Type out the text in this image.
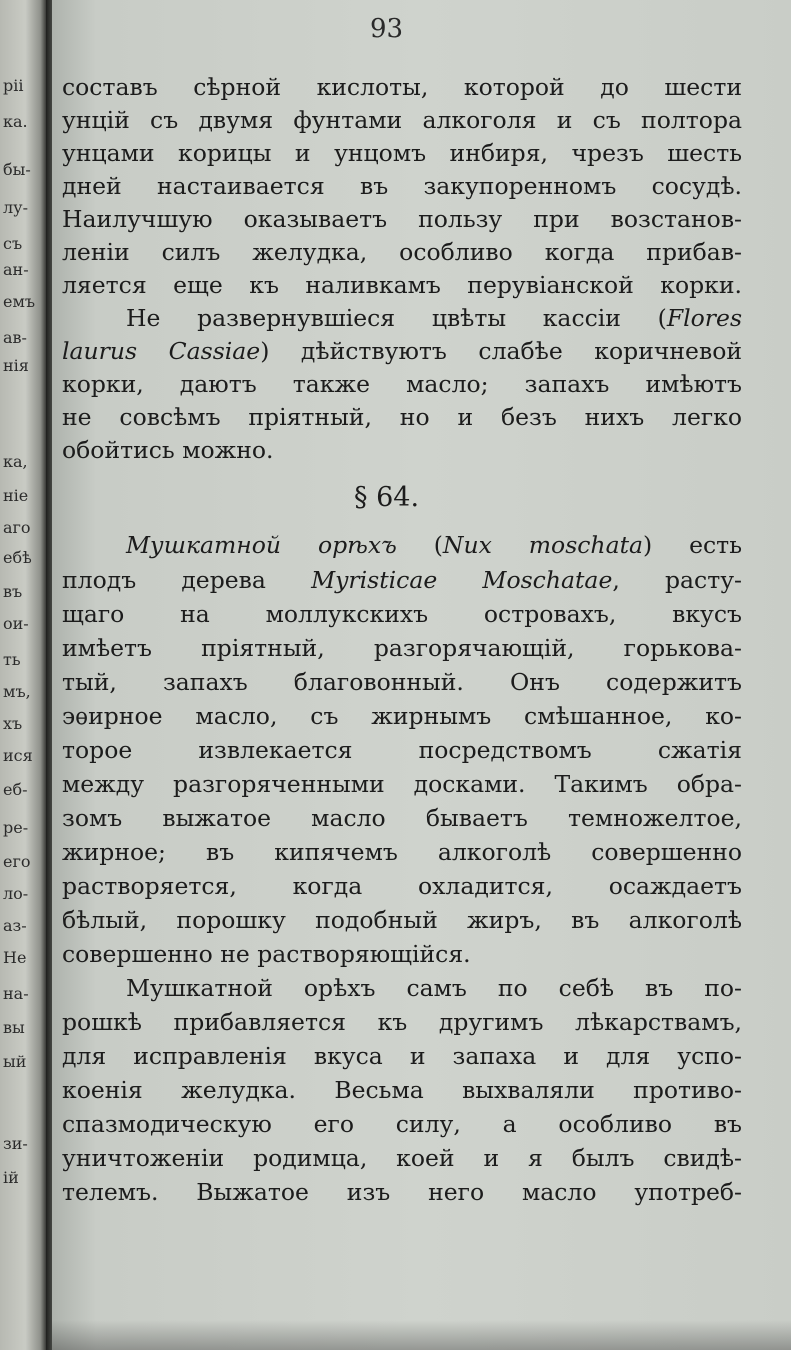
ріі
ка.
бы-
лу-
съ
ан-
емъ
ав-
нія
ка,
ніе
аго
ебѣ
въ
ои-
ть
мъ,
хъ
ися
еб-
ре-
его
ло-
аз-
Не
на-
вы
ый
зи-
ій
93
составъ сѣрной кислоты, которой до шести
унцій съ двумя фунтами алкоголя и съ полтора
унцами корицы и унцомъ инбиря, чрезъ шесть
дней настаивается въ закупоренномъ сосудѣ.
Наилучшую оказываетъ пользу при возстанов-
леніи силъ желудка, особливо когда прибав-
ляется еще къ наливкамъ перувіанской корки.
Не развернувшіеся цвѣты кассіи (Flores
laurus Cassiae) дѣйствуютъ слабѣе коричневой
корки, даютъ также масло; запахъ имѣютъ
не совсѣмъ пріятный, но и безъ нихъ легко
обойтись можно.
§ 64.
Мушкатной орѣхъ (Nux moschata) есть
плодъ дерева Myristicae Moschatae, расту-
щаго на моллукскихъ островахъ, вкусъ
имѣетъ пріятный, разгорячающій, горькова-
тый, запахъ благовонный. Онъ содержитъ
эѳирное масло, съ жирнымъ смѣшанное, ко-
торое извлекается посредствомъ сжатія
между разгоряченными досками. Такимъ обра-
зомъ выжатое масло бываетъ темножелтое,
жирное; въ кипячемъ алкоголѣ совершенно
растворяется, когда охладится, осаждаетъ
бѣлый, порошку подобный жиръ, въ алкоголѣ
совершенно не растворяющійся.
Мушкатной орѣхъ самъ по себѣ въ по-
рошкѣ прибавляется къ другимъ лѣкарствамъ,
для исправленія вкуса и запаха и для успо-
коенія желудка. Весьма выхваляли противо-
спазмодическую его силу, а особливо въ
уничтоженіи родимца, коей и я былъ свидѣ-
телемъ. Выжатое изъ него масло употреб-
